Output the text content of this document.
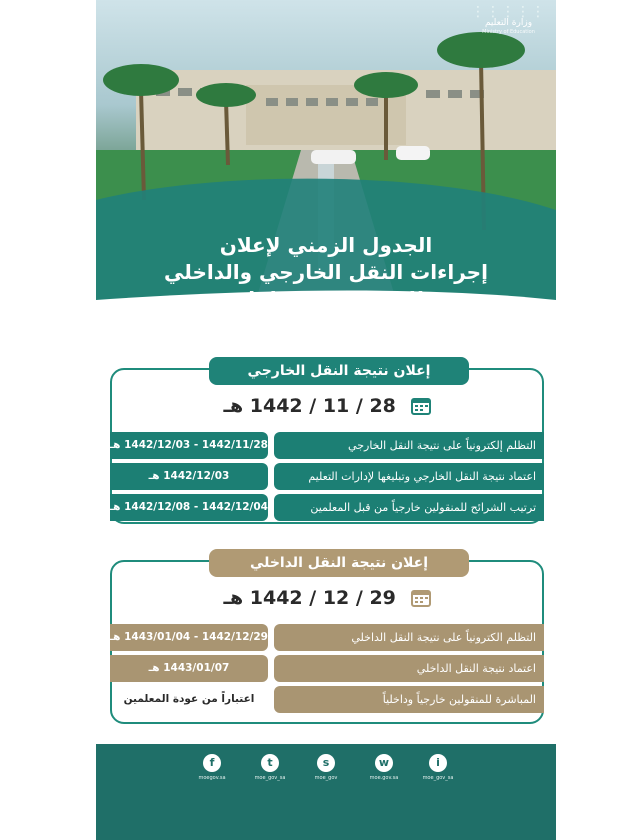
⋮⋮⋮⋮⋮
وزارة التعليم
Ministry of Education
الجدول الزمني لإعلان
إجراءات النقل الخارجي والداخلي
للمعلمين والمعلمات
إعلان نتيجة النقل الخارجي
28 / 11 / 1442 هـ
التظلم إلكترونياً على نتيجة النقل الخارجي
1442/11/28 - 1442/12/03 هـ
اعتماد نتيجة النقل الخارجي وتبليغها لإدارات التعليم
1442/12/03 هـ
ترتيب الشرائح للمنقولين خارجياً من قبل المعلمين
1442/12/04 - 1442/12/08 هـ
إعلان نتيجة النقل الداخلي
29 / 12 / 1442 هـ
التظلم الكترونياً على نتيجة النقل الداخلي
1442/12/29 - 1443/01/04 هـ
اعتماد نتيجة النقل الداخلي
1443/01/07 هـ
المباشرة للمنقولين خارجياً وداخلياً
اعتباراً من عودة المعلمين
f
moegov.sa
t
moe_gov_sa
s
moe_gov
w
moe.gov.sa
i
moe_gov_sa
